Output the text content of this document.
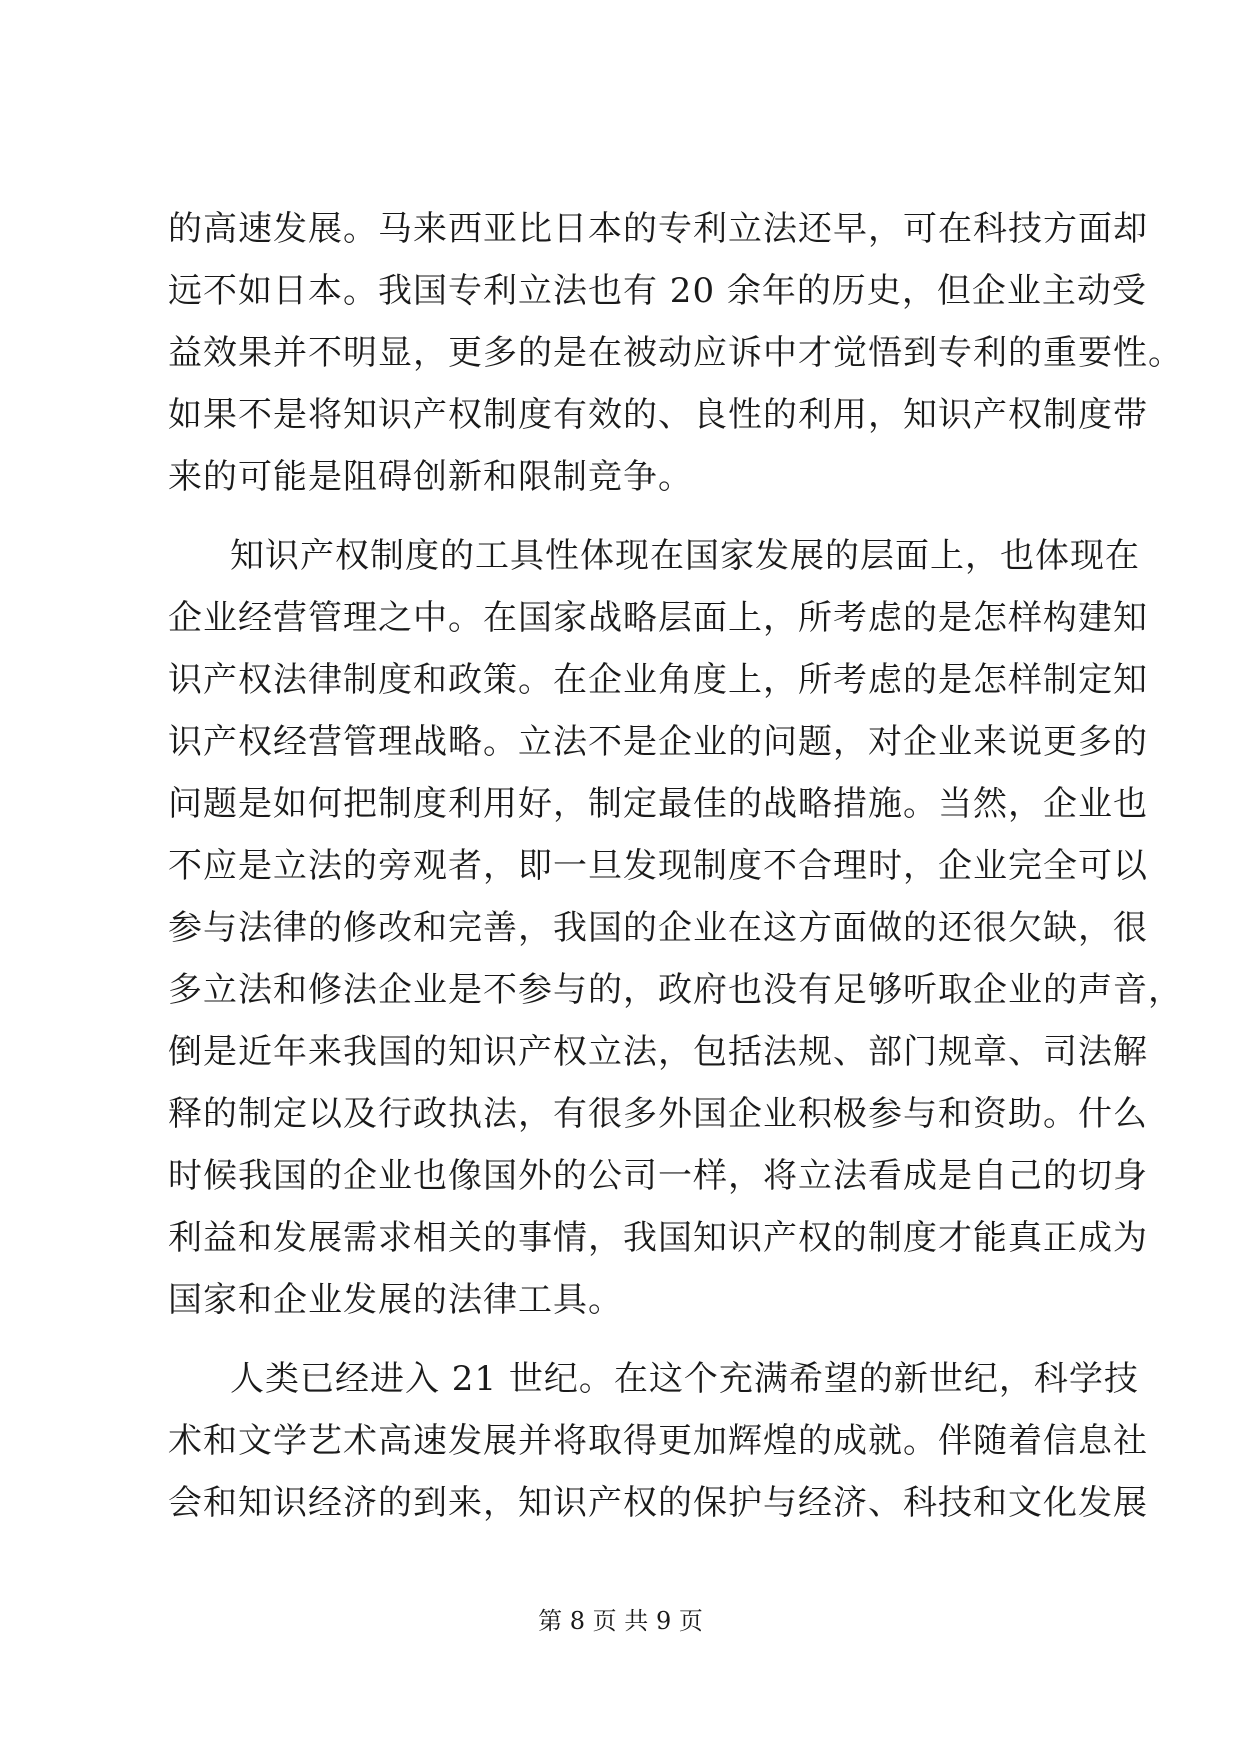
的高速发展。马来西亚比日本的专利立法还早，可在科技方面却
远不如日本。我国专利立法也有 20 余年的历史，但企业主动受
益效果并不明显，更多的是在被动应诉中才觉悟到专利的重要性。
如果不是将知识产权制度有效的、良性的利用，知识产权制度带
来的可能是阻碍创新和限制竞争。
知识产权制度的工具性体现在国家发展的层面上，也体现在
企业经营管理之中。在国家战略层面上，所考虑的是怎样构建知
识产权法律制度和政策。在企业角度上，所考虑的是怎样制定知
识产权经营管理战略。立法不是企业的问题，对企业来说更多的
问题是如何把制度利用好，制定最佳的战略措施。当然，企业也
不应是立法的旁观者，即一旦发现制度不合理时，企业完全可以
参与法律的修改和完善，我国的企业在这方面做的还很欠缺，很
多立法和修法企业是不参与的，政府也没有足够听取企业的声音，
倒是近年来我国的知识产权立法，包括法规、部门规章、司法解
释的制定以及行政执法，有很多外国企业积极参与和资助。什么
时候我国的企业也像国外的公司一样，将立法看成是自己的切身
利益和发展需求相关的事情，我国知识产权的制度才能真正成为
国家和企业发展的法律工具。
人类已经进入 21 世纪。在这个充满希望的新世纪，科学技
术和文学艺术高速发展并将取得更加辉煌的成就。伴随着信息社
会和知识经济的到来，知识产权的保护与经济、科技和文化发展
第 8 页 共 9 页
